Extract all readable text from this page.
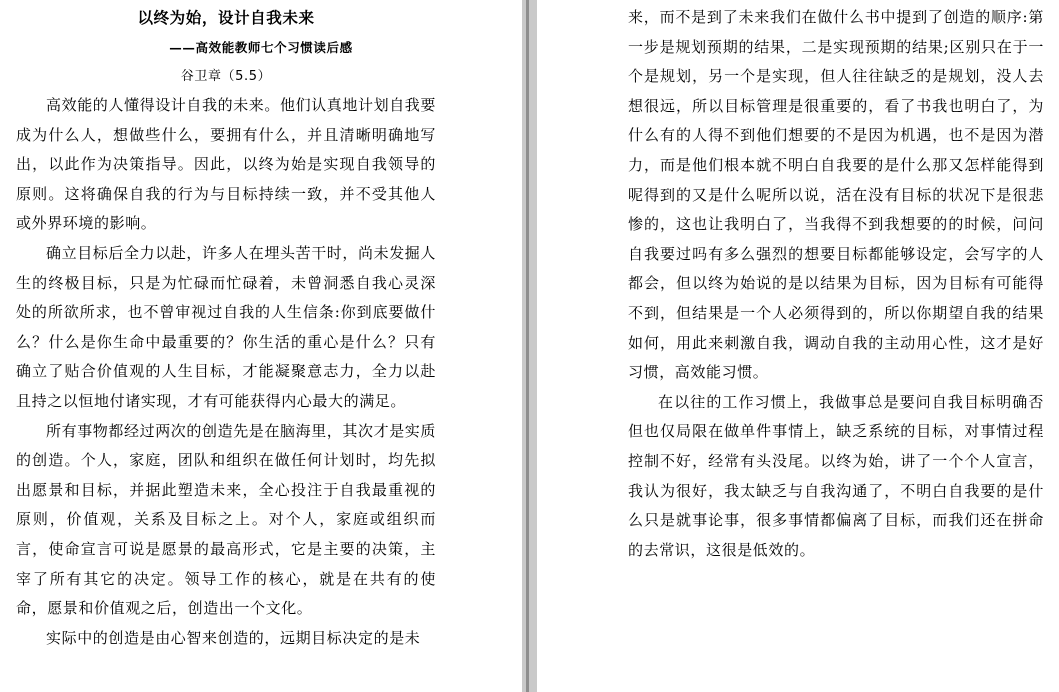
以终为始，设计自我未来
——高效能教师七个习惯读后感
谷卫章（5.5）

高效能的人懂得设计自我的未来。他们认真地计划自我要成为什么人，想做些什么，要拥有什么，并且清晰明确地写出，以此作为决策指导。因此，以终为始是实现自我领导的原则。这将确保自我的行为与目标持续一致，并不受其他人或外界环境的影响。

确立目标后全力以赴，许多人在埋头苦干时，尚未发掘人生的终极目标，只是为忙碌而忙碌着，未曾洞悉自我心灵深处的所欲所求，也不曾审视过自我的人生信条:你到底要做什么？什么是你生命中最重要的？你生活的重心是什么？只有确立了贴合价值观的人生目标，才能凝聚意志力，全力以赴且持之以恒地付诸实现，才有可能获得内心最大的满足。

所有事物都经过两次的创造先是在脑海里，其次才是实质的创造。个人，家庭，团队和组织在做任何计划时，均先拟出愿景和目标，并据此塑造未来，全心投注于自我最重视的原则，价值观，关系及目标之上。对个人，家庭或组织而言，使命宣言可说是愿景的最高形式，它是主要的决策，主宰了所有其它的决定。领导工作的核心，就是在共有的使命，愿景和价值观之后，创造出一个文化。

实际中的创造是由心智来创造的，远期目标决定的是未

来，而不是到了未来我们在做什么书中提到了创造的顺序:第一步是规划预期的结果，二是实现预期的结果;区别只在于一个是规划，另一个是实现，但人往往缺乏的是规划，没人去想很远，所以目标管理是很重要的，看了书我也明白了，为什么有的人得不到他们想要的不是因为机遇，也不是因为潜力，而是他们根本就不明白自我要的是什么那又怎样能得到呢得到的又是什么呢所以说，活在没有目标的状况下是很悲惨的，这也让我明白了，当我得不到我想要的的时候，问问自我要过吗有多么强烈的想要目标都能够设定，会写字的人都会，但以终为始说的是以结果为目标，因为目标有可能得不到，但结果是一个人必须得到的，所以你期望自我的结果如何，用此来刺激自我，调动自我的主动用心性，这才是好习惯，高效能习惯。

在以往的工作习惯上，我做事总是要问自我目标明确否但也仅局限在做单件事情上，缺乏系统的目标，对事情过程控制不好，经常有头没尾。以终为始，讲了一个个人宣言，我认为很好，我太缺乏与自我沟通了，不明白自我要的是什么只是就事论事，很多事情都偏离了目标，而我们还在拼命的去常识，这很是低效的。
